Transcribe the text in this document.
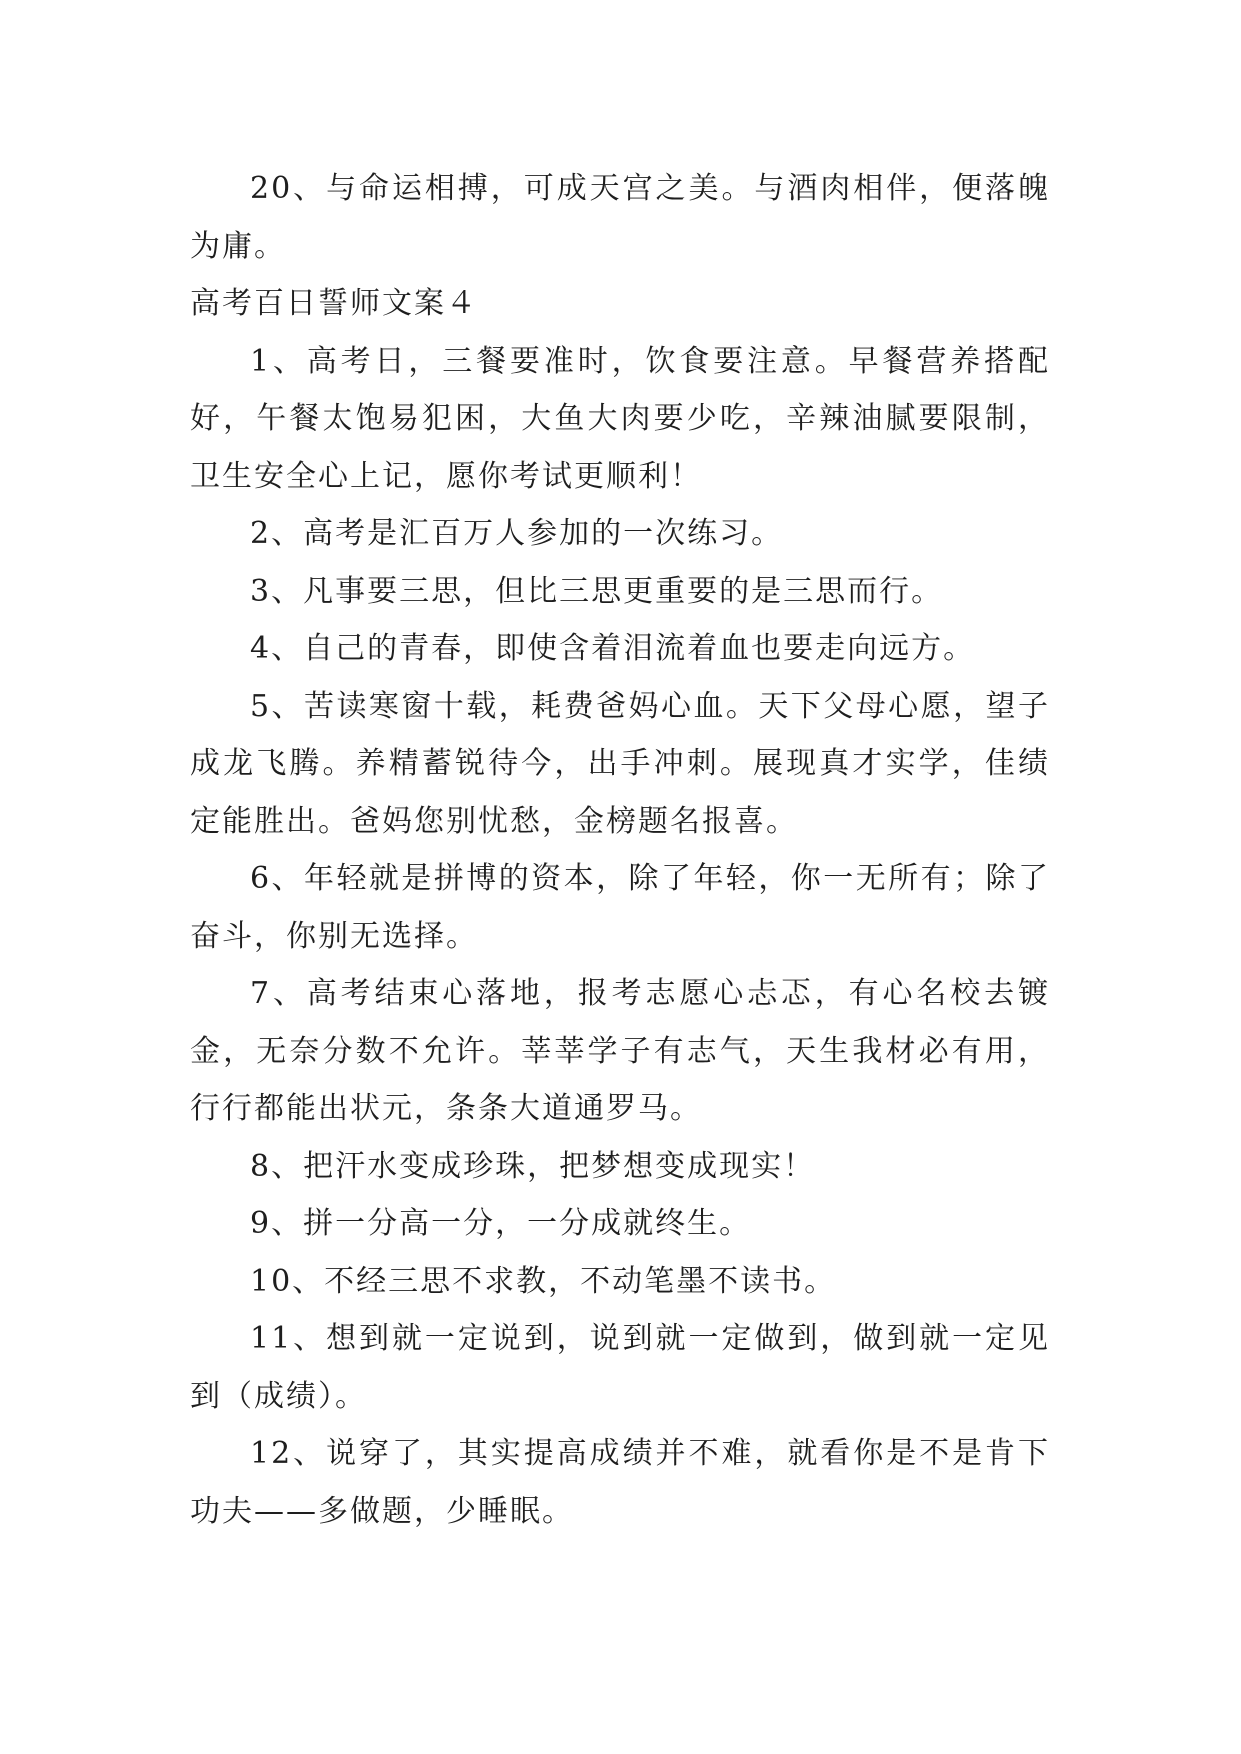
20、与命运相搏，可成天宫之美。与酒肉相伴，便落魄为庸。

高考百日誓师文案４

1、高考日，三餐要准时，饮食要注意。早餐营养搭配好，午餐太饱易犯困，大鱼大肉要少吃，辛辣油腻要限制，卫生安全心上记，愿你考试更顺利！

2、高考是汇百万人参加的一次练习。

3、凡事要三思，但比三思更重要的是三思而行。

4、自己的青春，即使含着泪流着血也要走向远方。

5、苦读寒窗十载，耗费爸妈心血。天下父母心愿，望子成龙飞腾。养精蓄锐待今，出手冲刺。展现真才实学，佳绩定能胜出。爸妈您别忧愁，金榜题名报喜。

6、年轻就是拼博的资本，除了年轻，你一无所有；除了奋斗，你别无选择。

7、高考结束心落地，报考志愿心忐忑，有心名校去镀金，无奈分数不允许。莘莘学子有志气，天生我材必有用，行行都能出状元，条条大道通罗马。

8、把汗水变成珍珠，把梦想变成现实！

9、拼一分高一分，一分成就终生。

10、不经三思不求教，不动笔墨不读书。

11、想到就一定说到，说到就一定做到，做到就一定见到（成绩）。

12、说穿了，其实提高成绩并不难，就看你是不是肯下功夫——多做题，少睡眠。
